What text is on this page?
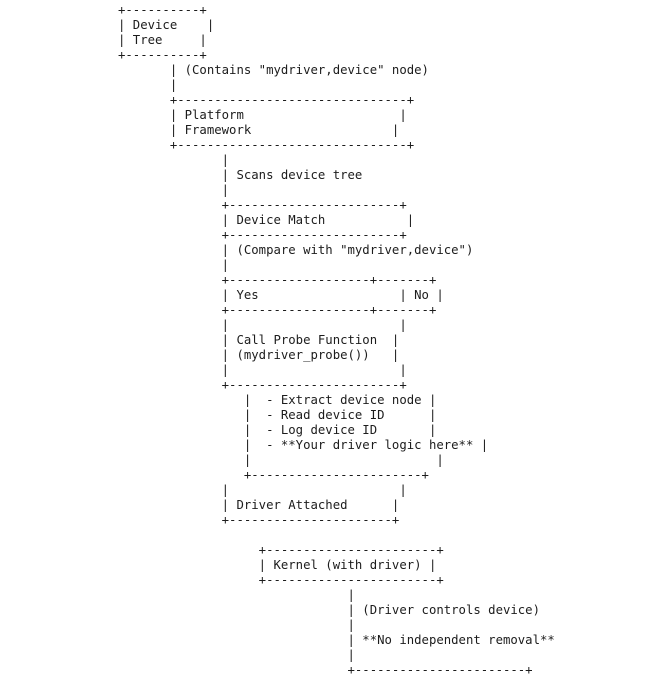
+----------+
| Device    |
| Tree     |
+----------+
| (Contains "mydriver,device" node)
|
+-------------------------------+
| Platform                     |
| Framework                   |
+-------------------------------+
|
| Scans device tree
|
+-----------------------+
| Device Match           |
+-----------------------+
| (Compare with "mydriver,device")
|
+-------------------+-------+
| Yes                   | No |
+-------------------+-------+
|                       |
| Call Probe Function  |
| (mydriver_probe())   |
|                       |
+-----------------------+
|  - Extract device node |
|  - Read device ID      |
|  - Log device ID       |
|  - **Your driver logic here** |
|                         |
+-----------------------+
|                       |
| Driver Attached      |
+----------------------+
+-----------------------+
| Kernel (with driver) |
+-----------------------+
|
| (Driver controls device)
|
| **No independent removal**
|
+-----------------------+
